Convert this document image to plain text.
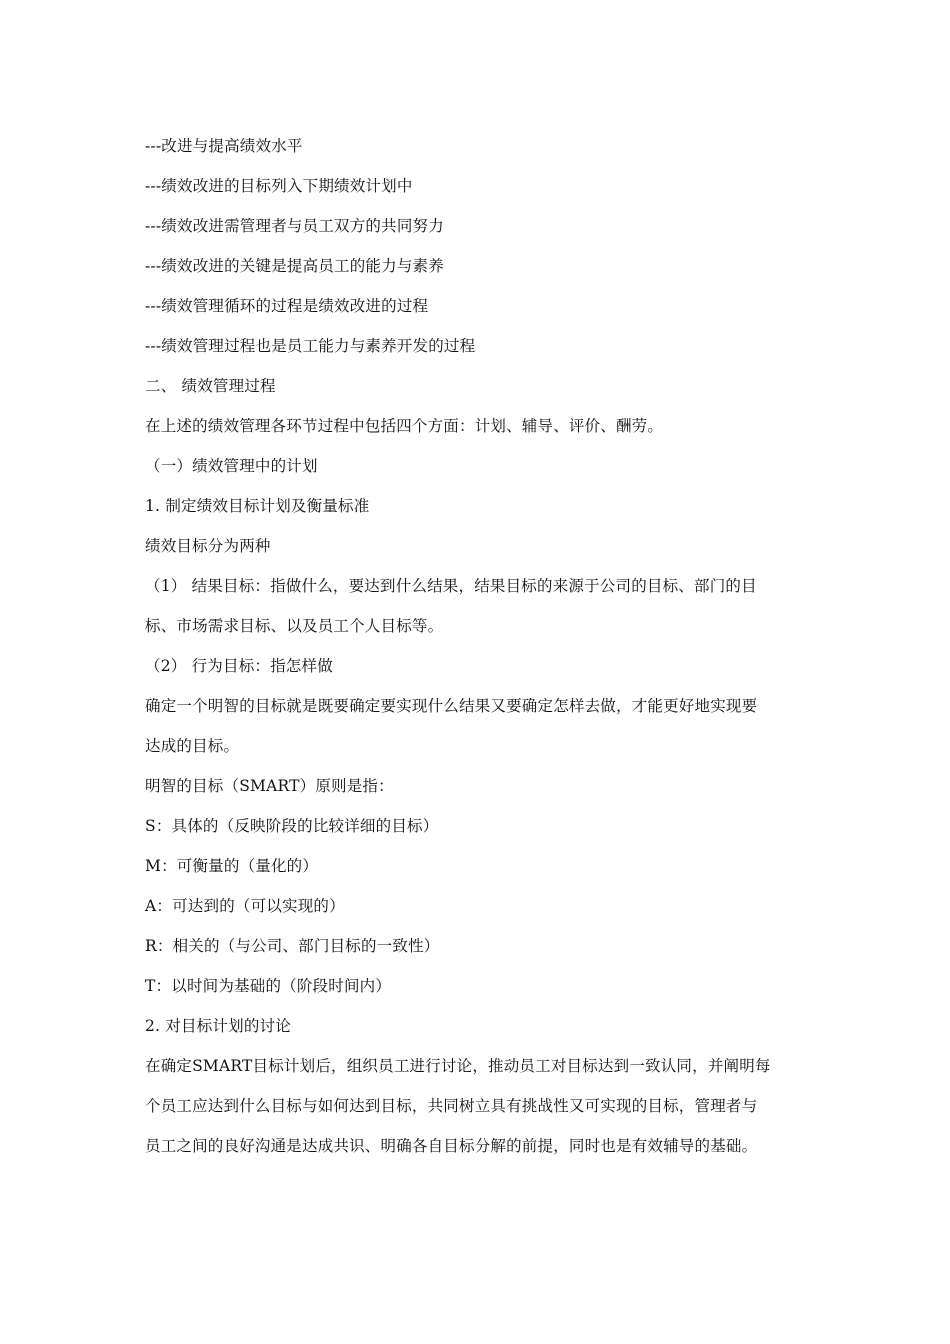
---改进与提高绩效水平
---绩效改进的目标列入下期绩效计划中
---绩效改进需管理者与员工双方的共同努力
---绩效改进的关键是提高员工的能力与素养
---绩效管理循环的过程是绩效改进的过程
---绩效管理过程也是员工能力与素养开发的过程
二、 绩效管理过程
在上述的绩效管理各环节过程中包括四个方面：计划、辅导、评价、酬劳。
（一）绩效管理中的计划
1. 制定绩效目标计划及衡量标准
绩效目标分为两种
（1） 结果目标：指做什么，要达到什么结果，结果目标的来源于公司的目标、部门的目
标、市场需求目标、以及员工个人目标等。
（2） 行为目标：指怎样做
确定一个明智的目标就是既要确定要实现什么结果又要确定怎样去做，才能更好地实现要
达成的目标。
明智的目标（SMART）原则是指：
S：具体的（反映阶段的比较详细的目标）
M：可衡量的（量化的）
A：可达到的（可以实现的）
R：相关的（与公司、部门目标的一致性）
T：以时间为基础的（阶段时间内）
2. 对目标计划的讨论
在确定SMART目标计划后，组织员工进行讨论，推动员工对目标达到一致认同，并阐明每
个员工应达到什么目标与如何达到目标，共同树立具有挑战性又可实现的目标，管理者与
员工之间的良好沟通是达成共识、明确各自目标分解的前提，同时也是有效辅导的基础。
